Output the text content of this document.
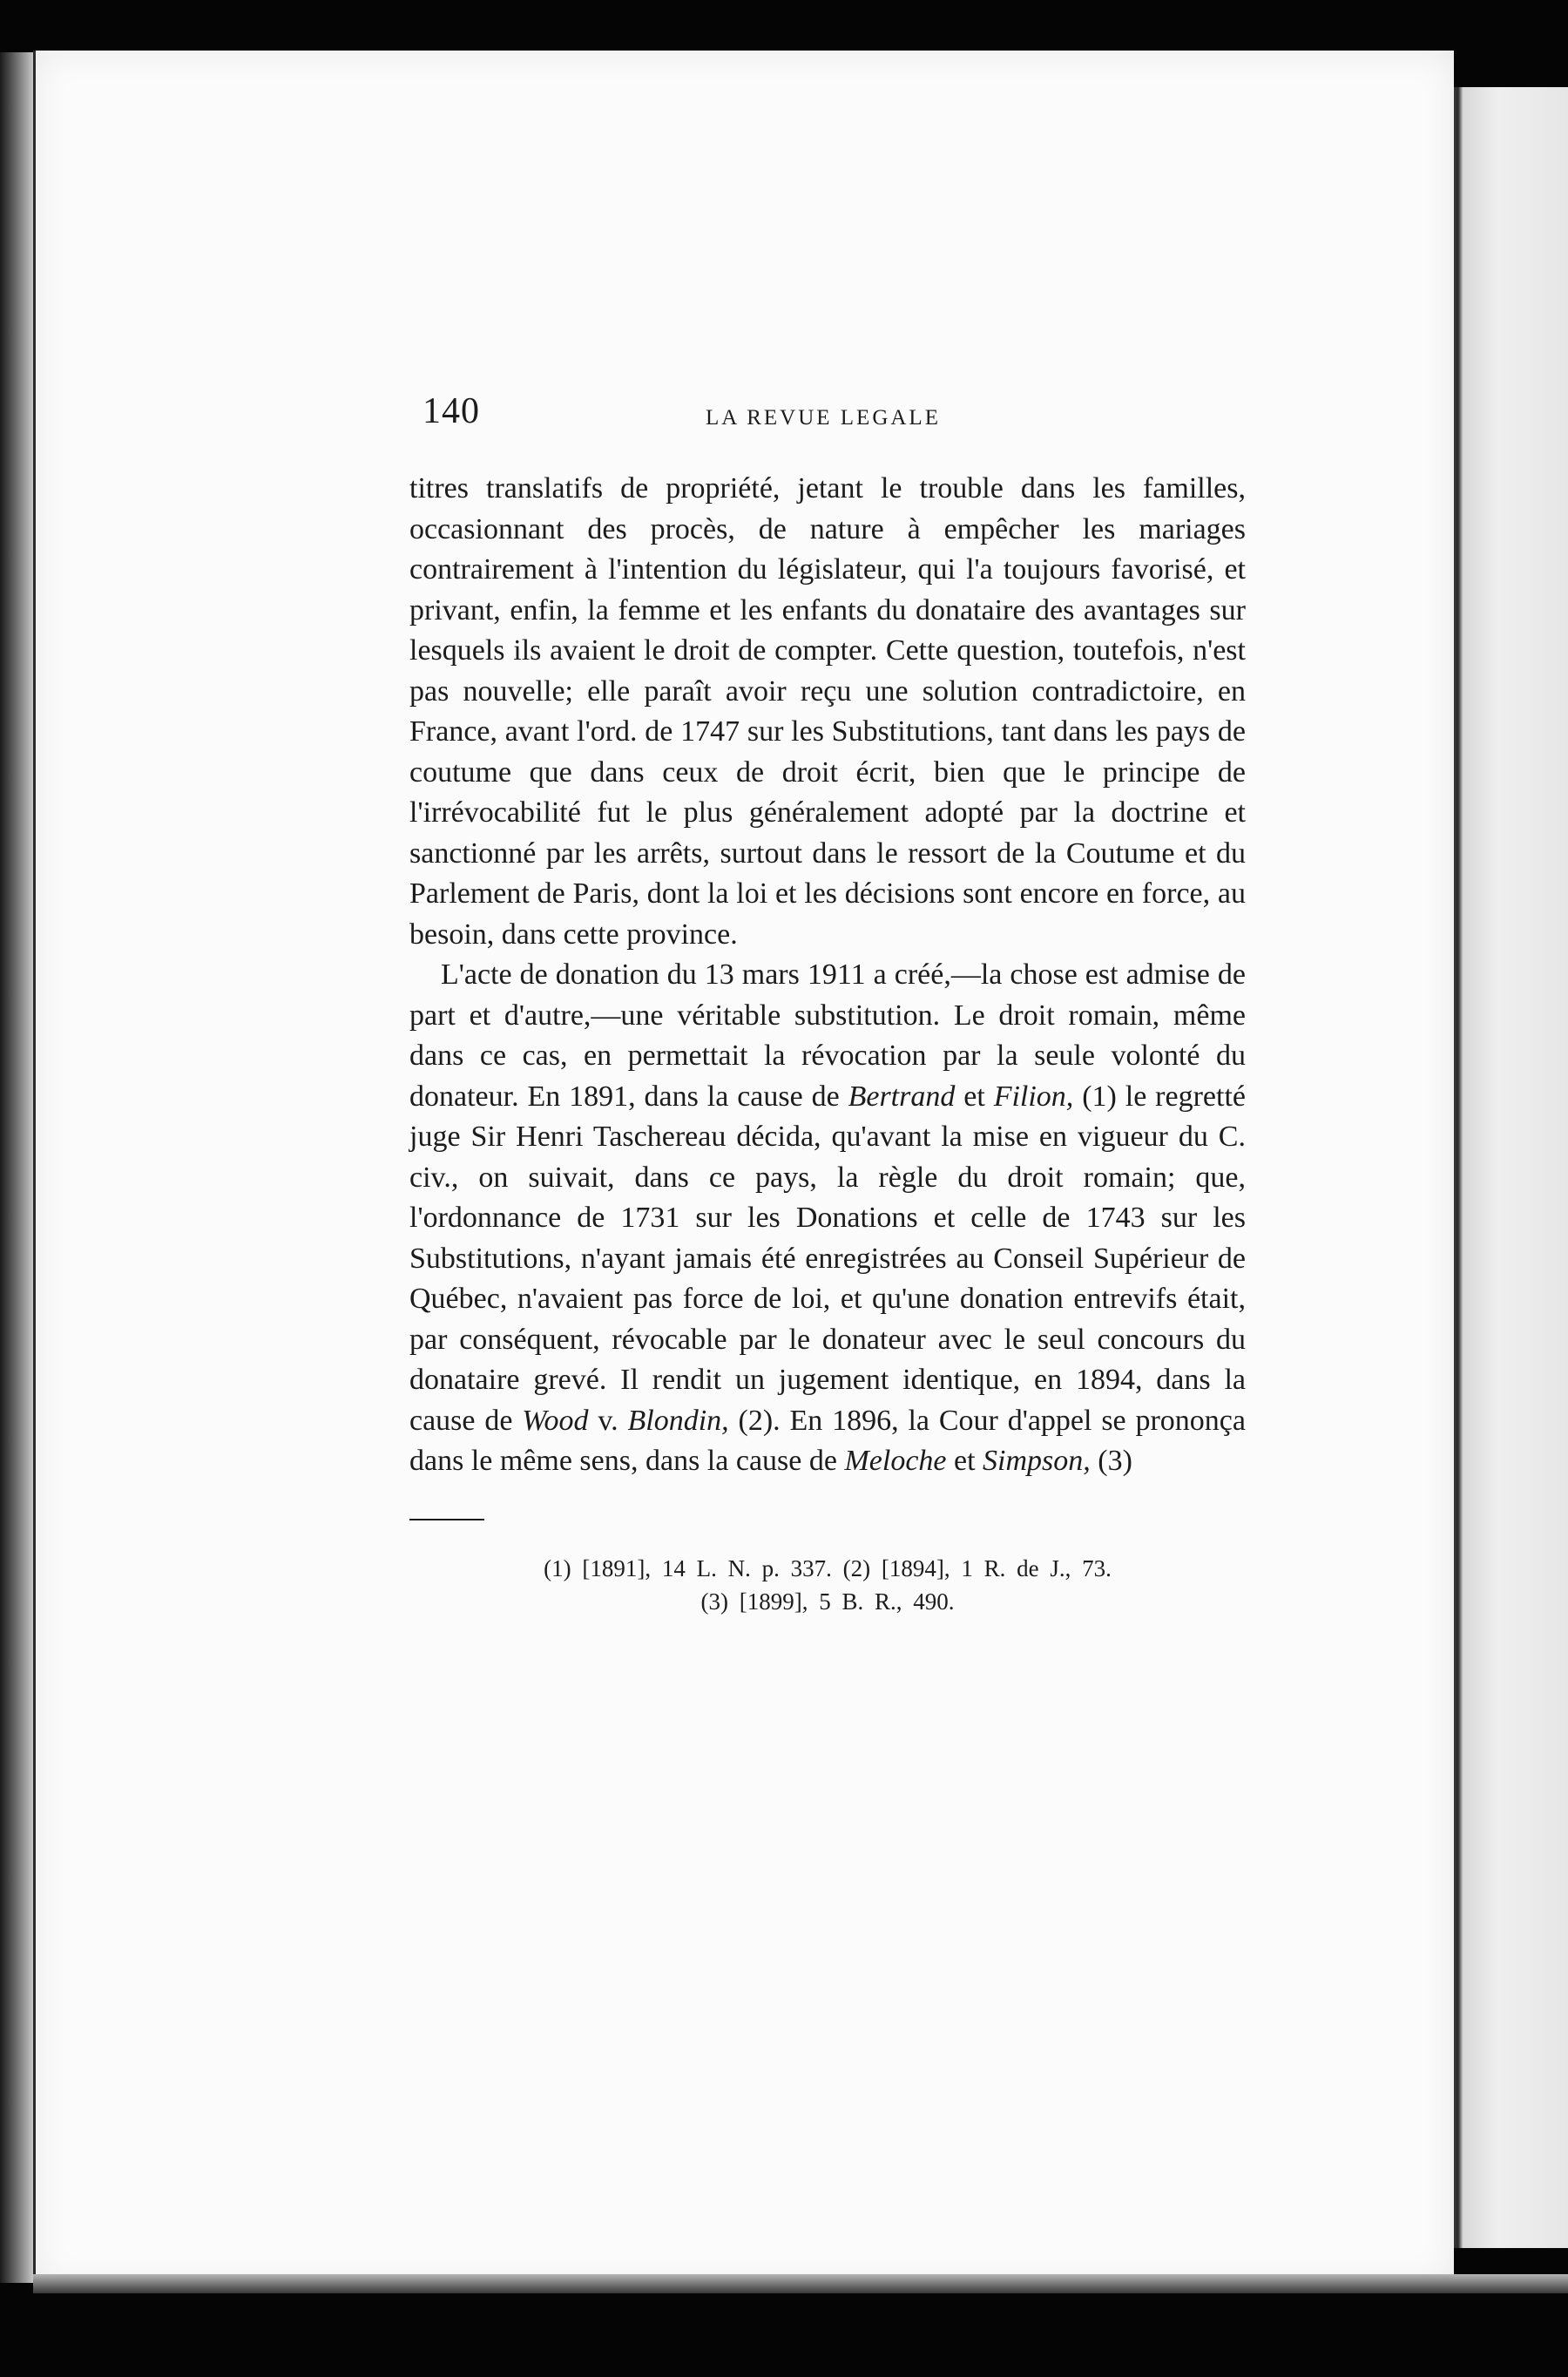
140	LA REVUE LEGALE

titres translatifs de propriété, jetant le trouble dans les familles, occasionnant des procès, de nature à empêcher les mariages contrairement à l'intention du législateur, qui l'a toujours favorisé, et privant, enfin, la femme et les enfants du donataire des avantages sur lesquels ils avaient le droit de compter. Cette question, toutefois, n'est pas nouvelle; elle paraît avoir reçu une solution contradictoire, en France, avant l'ord. de 1747 sur les Substitutions, tant dans les pays de coutume que dans ceux de droit écrit, bien que le principe de l'irrévocabilité fut le plus généralement adopté par la doctrine et sanctionné par les arrêts, surtout dans le ressort de la Coutume et du Parlement de Paris, dont la loi et les décisions sont encore en force, au besoin, dans cette province.

L'acte de donation du 13 mars 1911 a créé,—la chose est admise de part et d'autre,—une véritable substitution. Le droit romain, même dans ce cas, en permettait la révocation par la seule volonté du donateur. En 1891, dans la cause de Bertrand et Filion, (1) le regretté juge Sir Henri Taschereau décida, qu'avant la mise en vigueur du C. civ., on suivait, dans ce pays, la règle du droit romain; que, l'ordonnance de 1731 sur les Donations et celle de 1743 sur les Substitutions, n'ayant jamais été enregistrées au Conseil Supérieur de Québec, n'avaient pas force de loi, et qu'une donation entrevifs était, par conséquent, révocable par le donateur avec le seul concours du donataire grevé. Il rendit un jugement identique, en 1894, dans la cause de Wood v. Blondin, (2). En 1896, la Cour d'appel se prononça dans le même sens, dans la cause de Meloche et Simpson, (3)

(1) [1891], 14 L. N. p. 337. (2) [1894], 1 R. de J., 73.
(3) [1899], 5 B. R., 490.
